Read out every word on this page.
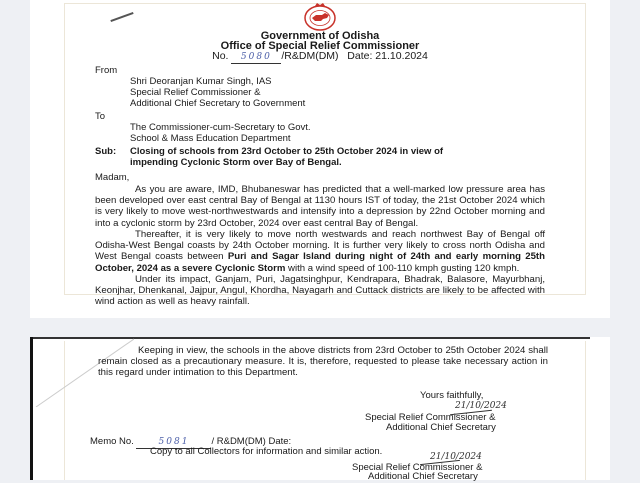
Government of Odisha
Office of Special Relief Commissioner
No. 5080 /R&DM(DM) Date: 21.10.2024
From
Shri Deoranjan Kumar Singh, IAS
Special Relief Commissioner &
Additional Chief Secretary to Government
To
The Commissioner-cum-Secretary to Govt.
School & Mass Education Department
Sub: Closing of schools from 23rd October to 25th October 2024 in view of
impending Cyclonic Storm over Bay of Bengal.
Madam,

As you are aware, IMD, Bhubaneswar has predicted that a well-marked low pressure area has been developed over east central Bay of Bengal at 1130 hours IST of today, the 21st October 2024 which is very likely to move west-northwestwards and intensify into a depression by 22nd October morning and into a cyclonic storm by 23rd October, 2024 over east central Bay of Bengal.

Thereafter, it is very likely to move north westwards and reach northwest Bay of Bengal off Odisha-West Bengal coasts by 24th October morning. It is further very likely to cross north Odisha and West Bengal coasts between Puri and Sagar Island during night of 24th and early morning 25th October, 2024 as a severe Cyclonic Storm with a wind speed of 100-110 kmph gusting 120 kmph.

Under its impact, Ganjam, Puri, Jagatsinghpur, Kendrapara, Bhadrak, Balasore, Mayurbhanj, Keonjhar, Dhenkanal, Jajpur, Angul, Khordha, Nayagarh and Cuttack districts are likely to be affected with wind action as well as heavy rainfall.

Keeping in view, the schools in the above districts from 23rd October to 25th October 2024 shall remain closed as a precautionary measure. It is, therefore, requested to please take necessary action in this regard under intimation to this Department.

Yours faithfully,
21/10/2024
Special Relief Commissioner &
Additional Chief Secretary
Memo No.	5081 / R&DM(DM) Date:
Copy to all Collectors for information and similar action.	21/10/2024
Special Relief Commissioner &
Additional Chief Secretary
